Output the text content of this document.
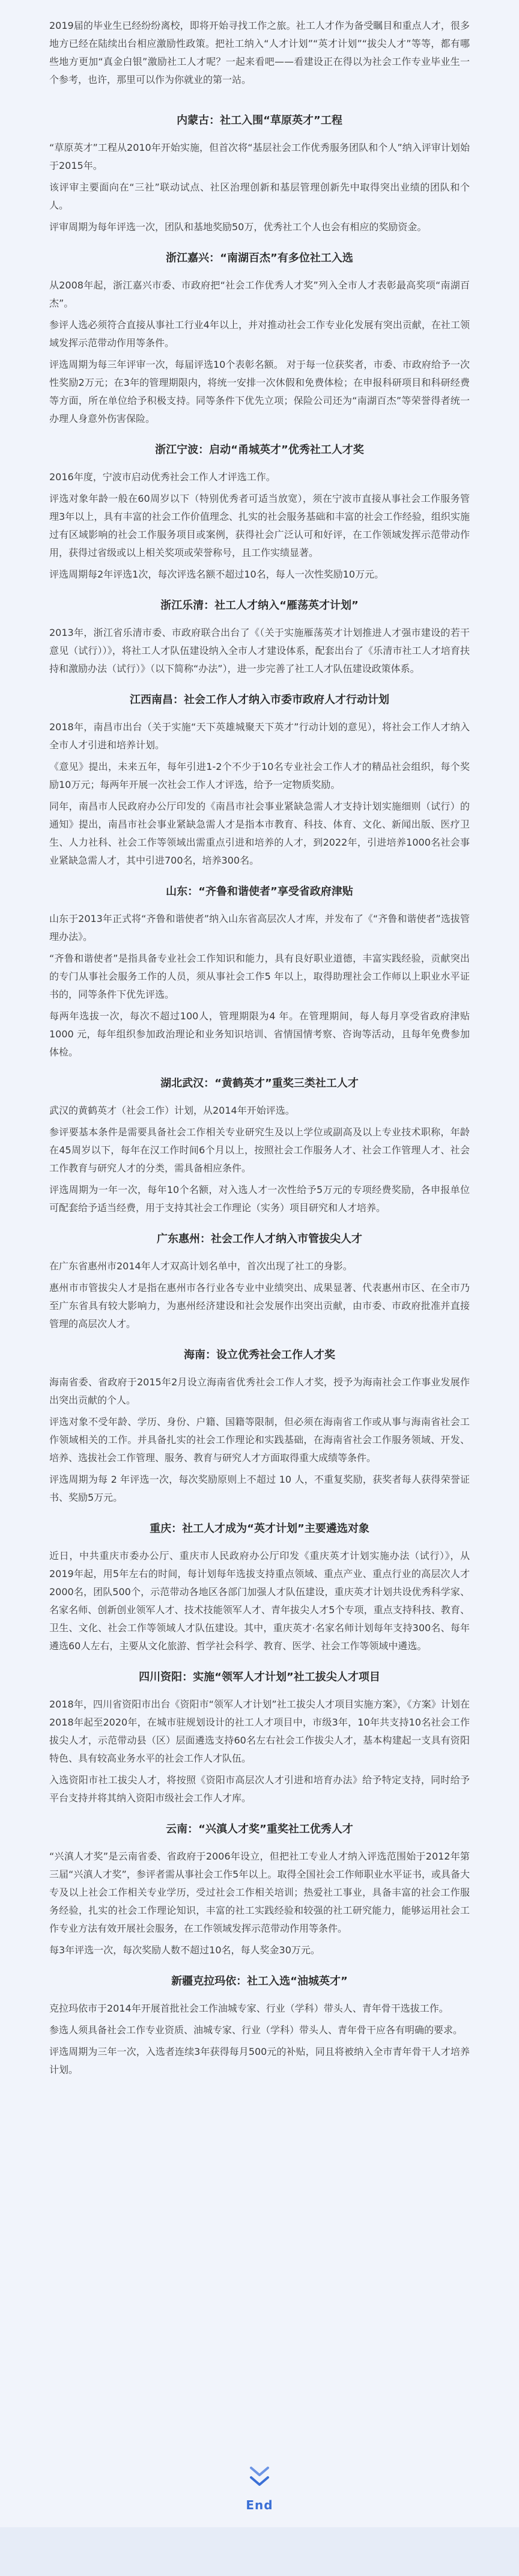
2019届的毕业生已经纷纷离校，即将开始寻找工作之旅。社工人才作为备受瞩目和重点人才，很多地方已经在陆续出台相应激励性政策。把社工纳入“人才计划”“英才计划”“拔尖人才”等等，都有哪些地方更加“真金白银”激励社工人才呢？一起来看吧——看建设正在得以为社会工作专业毕业生一个参考，也许，那里可以作为你就业的第一站。

内蒙古：社工入围“草原英才”工程

“草原英才”工程从2010年开始实施，但首次将“基层社会工作优秀服务团队和个人”纳入评审计划始于2015年。

该评审主要面向在“三社”联动试点、社区治理创新和基层管理创新先中取得突出业绩的团队和个人。

评审周期为每年评选一次，团队和基地奖励50万，优秀社工个人也会有相应的奖励资金。

浙江嘉兴：“南湖百杰”有多位社工入选

从2008年起，浙江嘉兴市委、市政府把“社会工作优秀人才奖”列入全市人才表彰最高奖项“南湖百杰”。

参评人选必须符合直接从事社工行业4年以上，并对推动社会工作专业化发展有突出贡献，在社工领域发挥示范带动作用等条件。

评选周期为每三年评审一次，每届评选10个表彰名额。 对于每一位获奖者，市委、市政府给予一次性奖励2万元；在3年的管理期限内，将统一安排一次休假和免费体检；在申报科研项目和科研经费等方面，所在单位给予积极支持。同等条件下优先立项；保险公司还为“南湖百杰”等荣誉得者统一办理人身意外伤害保险。

浙江宁波：启动“甬城英才”优秀社工人才奖

2016年度，宁波市启动优秀社会工作人才评选工作。

评选对象年龄一般在60周岁以下（特别优秀者可适当放宽），须在宁波市直接从事社会工作服务管理3年以上，具有丰富的社会工作价值理念、扎实的社会服务基础和丰富的社会工作经验，组织实施过有区域影响的社会工作服务项目或案例，获得社会广泛认可和好评，在工作领域发挥示范带动作用，获得过省级或以上相关奖项或荣誉称号，且工作实绩显著。

评选周期每2年评选1次，每次评选名额不超过10名，每人一次性奖励10万元。

浙江乐清：社工人才纳入“雁荡英才计划”

2013年，浙江省乐清市委、市政府联合出台了《（关于实施雁荡英才计划推进人才强市建设的若干意见（试行））》，将社工人才队伍建设纳入全市人才建设体系，配套出台了《乐清市社工人才培育扶持和激励办法（试行）》（以下简称“办法”），进一步完善了社工人才队伍建设政策体系。

江西南昌：社会工作人才纳入市委市政府人才行动计划

2018年，南昌市出台（关于实施“天下英雄城聚天下英才”行动计划的意见），将社会工作人才纳入全市人才引进和培养计划。

《意见》提出，未来五年，每年引进1-2个不少于10名专业社会工作人才的精品社会组织，每个奖励10万元；每两年开展一次社会工作人才评选，给予一定物质奖励。

同年，南昌市人民政府办公厅印发的《南昌市社会事业紧缺急需人才支持计划实施细则（试行）的通知》提出，南昌市社会事业紧缺急需人才是指本市教育、科技、体育、文化、新闻出版、医疗卫生、人力社科、社会工作等领域出需重点引进和培养的人才，到2022年，引进培养1000名社会事业紧缺急需人才，其中引进700名，培养300名。

山东：“齐鲁和谐使者”享受省政府津贴

山东于2013年正式将“齐鲁和谐使者”纳入山东省高层次人才库，并发布了《“齐鲁和谐使者”选拔管理办法》。

“齐鲁和谐使者”是指具备专业社会工作知识和能力，具有良好职业道德，丰富实践经验，贡献突出的专门从事社会服务工作的人员，须从事社会工作5 年以上，取得助理社会工作师以上职业水平证书的，同等条件下优先评选。

每两年选拔一次，每次不超过100人，管理期限为4 年。在管理期间，每人每月享受省政府津贴1000 元，每年组织参加政治理论和业务知识培训、省情国情考察、咨询等活动，且每年免费参加体检。

湖北武汉：“黄鹤英才”重奖三类社工人才

武汉的黄鹤英才（社会工作）计划，从2014年开始评选。

参评要基本条件是需要具备社会工作相关专业研究生及以上学位或副高及以上专业技术职称，年龄在45周岁以下，每年在汉工作时间6个月以上，按照社会工作服务人才、社会工作管理人才、社会工作教育与研究人才的分类，需具备相应条件。

评选周期为一年一次，每年10个名额，对入选人才一次性给予5万元的专项经费奖励，各申报单位可配套给予适当经费，用于支持其社会工作理论（实务）项目研究和人才培养。

广东惠州：社会工作人才纳入市管拔尖人才

在广东省惠州市2014年人才双高计划名单中，首次出现了社工的身影。

惠州市市管拔尖人才是指在惠州市各行业各专业中业绩突出、成果显著、代表惠州市区、在全市乃至广东省具有较大影响力，为惠州经济建设和社会发展作出突出贡献，由市委、市政府批准并直接管理的高层次人才。

海南：设立优秀社会工作人才奖

海南省委、省政府于2015年2月设立海南省优秀社会工作人才奖，授予为海南社会工作事业发展作出突出贡献的个人。

评选对象不受年龄、学历、身份、户籍、国籍等限制，但必须在海南省工作或从事与海南省社会工作领域相关的工作。并具备扎实的社会工作理论和实践基础，在海南省社会工作服务领域、开发、培养、选拔社会工作管理、服务、教育与研究人才方面取得重大成绩等条件。

评选周期为每 2 年评选一次，每次奖励原则上不超过 10 人，不重复奖励，获奖者每人获得荣誉证书、奖励5万元。

重庆：社工人才成为“英才计划”主要遴选对象

近日，中共重庆市委办公厅、重庆市人民政府办公厅印发《重庆英才计划实施办法（试行）》，从2019年起，用5年左右的时间，每计划每年选拔支持重点领域、重点产业、重点行业的高层次人才2000名，团队500个，示范带动各地区各部门加强人才队伍建设，重庆英才计划共设优秀科学家、名家名师、创新创业领军人才、技术技能领军人才、青年拔尖人才5个专项，重点支持科技、教育、卫生、文化、社会工作等领域人才队伍建设。其中，重庆英才·名家名师计划每年支持300名、每年遴选60人左右，主要从文化旅游、哲学社会科学、教育、医学、社会工作等领域中遴选。

四川资阳：实施“领军人才计划”社工拔尖人才项目

2018年，四川省资阳市出台《资阳市“领军人才计划”社工拔尖人才项目实施方案》，《方案》计划在2018年起至2020年，在城市驻规划设计的社工人才项目中，市级3年，10年共支持10名社会工作拔尖人才，示范带动县（区）层面遴选支持60名左右社会工作拔尖人才，基本构建起一支具有资阳特色、具有较高业务水平的社会工作人才队伍。

入选资阳市社工拔尖人才，将按照《资阳市高层次人才引进和培育办法》给予特定支持，同时给予平台支持并将其纳入资阳市级社会工作人才库。

云南：“兴滇人才奖”重奖社工优秀人才

“兴滇人才奖”是云南省委、省政府于2006年设立，但把社工专业人才纳入评选范围始于2012年第三届“兴滇人才奖”，参评者需从事社会工作5年以上。取得全国社会工作师职业水平证书，或具备大专及以上社会工作相关专业学历，受过社会工作相关培训；热爱社工事业，具备丰富的社会工作服务经验，扎实的社会工作理论知识，丰富的社工实践经验和较强的社工研究能力，能够运用社会工作专业方法有效开展社会服务，在工作领域发挥示范带动作用等条件。

每3年评选一次，每次奖励人数不超过10名，每人奖金30万元。

新疆克拉玛依：社工入选“油城英才”

克拉玛依市于2014年开展首批社会工作油城专家、行业（学科）带头人、青年骨干选拔工作。

参选人须具备社会工作专业资质、油城专家、行业（学科）带头人、青年骨干应各有明确的要求。

评选周期为三年一次，入选者连续3年获得每月500元的补贴，同且将被纳入全市青年骨干人才培养计划。

End
